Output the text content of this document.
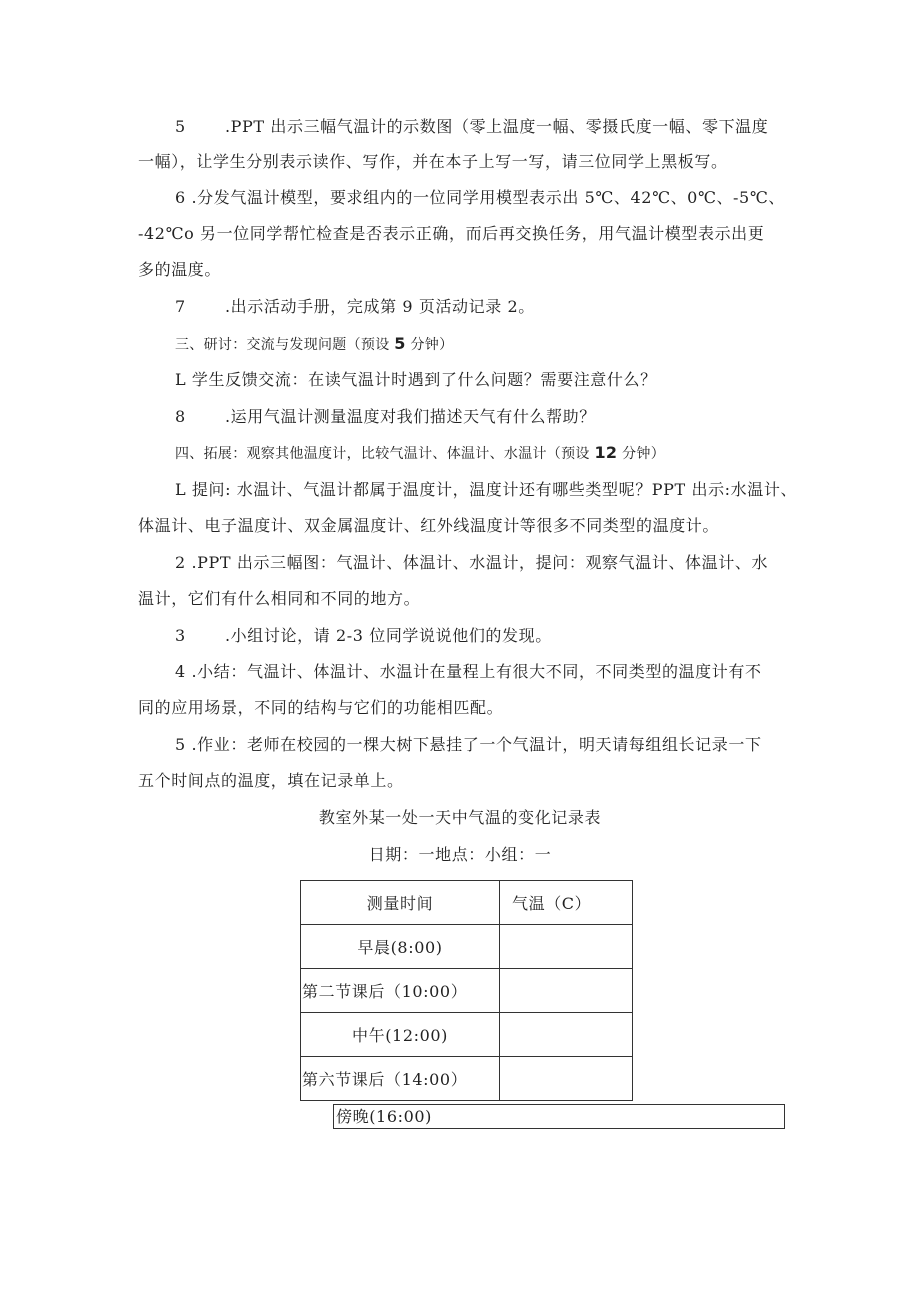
5 .PPT 出示三幅气温计的示数图（零上温度一幅、零摄氏度一幅、零下温度
一幅），让学生分别表示读作、写作，并在本子上写一写，请三位同学上黑板写。
6 .分发气温计模型，要求组内的一位同学用模型表示出 5℃、42℃、0℃、-5℃、
-42℃o 另一位同学帮忙检查是否表示正确，而后再交换任务，用气温计模型表示出更
多的温度。
7 .出示活动手册，完成第 9 页活动记录 2。
三、研讨：交流与发现问题（预设 5 分钟）
L 学生反馈交流：在读气温计时遇到了什么问题？需要注意什么？
8 .运用气温计测量温度对我们描述天气有什么帮助？
四、拓展：观察其他温度计，比较气温计、体温计、水温计（预设 12 分钟）
L 提问: 水温计、气温计都属于温度计，温度计还有哪些类型呢？PPT 出示:水温计、
体温计、电子温度计、双金属温度计、红外线温度计等很多不同类型的温度计。
2 .PPT 出示三幅图：气温计、体温计、水温计，提问：观察气温计、体温计、水
温计，它们有什么相同和不同的地方。
3 .小组讨论，请 2-3 位同学说说他们的发现。
4 .小结：气温计、体温计、水温计在量程上有很大不同，不同类型的温度计有不
同的应用场景，不同的结构与它们的功能相匹配。
5 .作业：老师在校园的一棵大树下悬挂了一个气温计，明天请每组组长记录一下
五个时间点的温度，填在记录单上。
教室外某一处一天中气温的变化记录表
日期：一地点：小组：一
测量时间	气温（C）
早晨(8:00)	
第二节课后（10:00）	
中午(12:00)	
第六节课后（14:00）	
傍晚(16:00)
